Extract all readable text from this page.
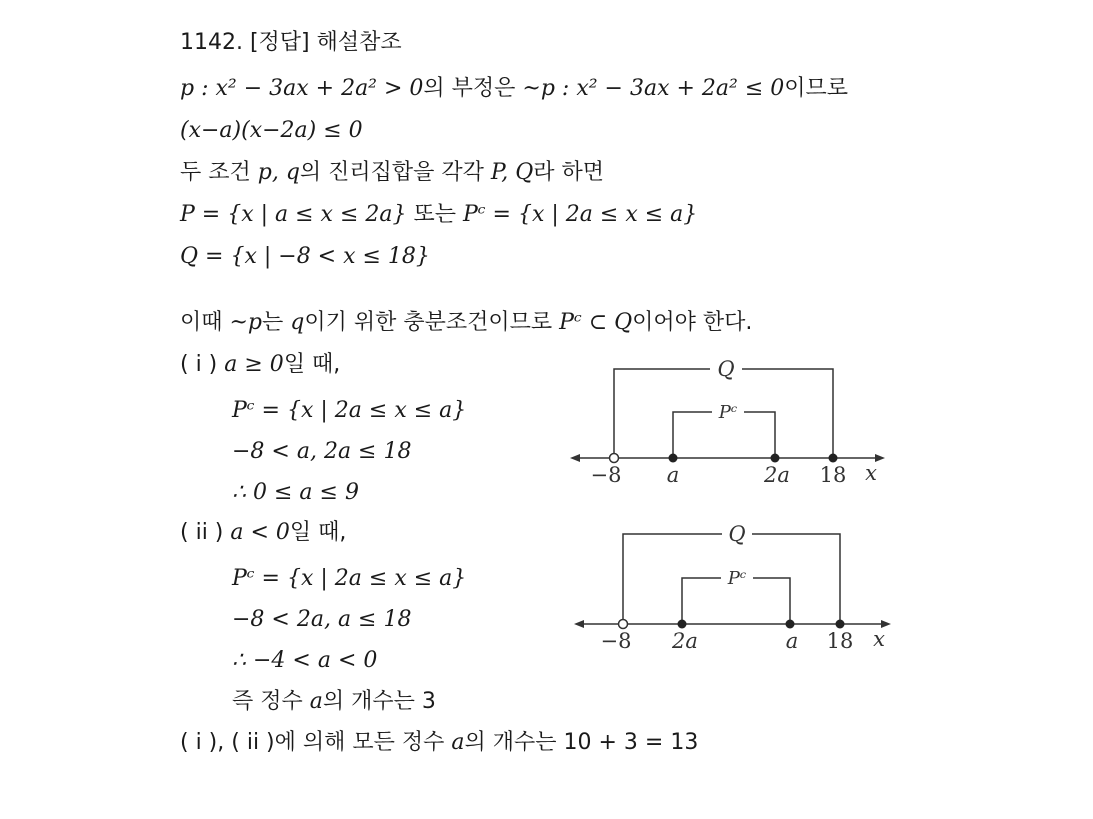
1142. [정답] 해설참조
p : x² − 3ax + 2a² > 0의 부정은 ~p : x² − 3ax + 2a² ≤ 0이므로
(x−a)(x−2a) ≤ 0
두 조건 p, q의 진리집합을 각각 P, Q라 하면
P = {x | a ≤ x ≤ 2a} 또는 Pᶜ = {x | 2a ≤ x ≤ a}
Q = {x | −8 < x ≤ 18}
이때 ~p는 q이기 위한 충분조건이므로 Pᶜ ⊂ Q이어야 한다.
( i ) a ≥ 0일 때,
Pᶜ = {x | 2a ≤ x ≤ a}
−8 < a, 2a ≤ 18
∴ 0 ≤ a ≤ 9
( ii ) a < 0일 때,
Pᶜ = {x | 2a ≤ x ≤ a}
−8 < 2a, a ≤ 18
∴ −4 < a < 0
즉 정수 a의 개수는 3
( i ), ( ii )에 의해 모든 정수 a의 개수는 10 + 3 = 13
Q
Pᶜ
−8 a	2a 18 x
Q
Pᶜ
−8 2a	a 18 x
